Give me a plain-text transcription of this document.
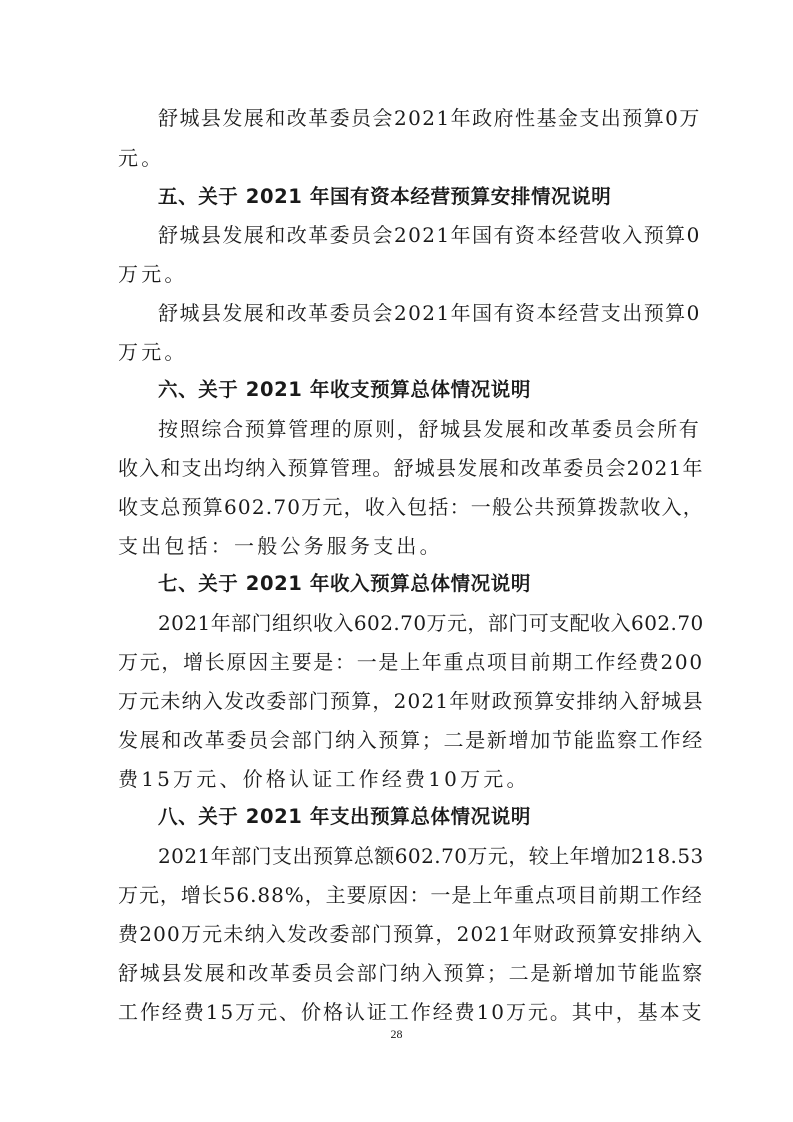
舒城县发展和改革委员会2021年政府性基金支出预算0万
元。
五、关于 2021 年国有资本经营预算安排情况说明
舒城县发展和改革委员会2021年国有资本经营收入预算0
万元。
舒城县发展和改革委员会2021年国有资本经营支出预算0
万元。
六、关于 2021 年收支预算总体情况说明
按照综合预算管理的原则，舒城县发展和改革委员会所有
收入和支出均纳入预算管理。舒城县发展和改革委员会2021年
收支总预算602.70万元，收入包括：一般公共预算拨款收入，
支出包括：一般公务服务支出。
七、关于 2021 年收入预算总体情况说明
2021年部门组织收入602.70万元，部门可支配收入602.70
万元，增长原因主要是：一是上年重点项目前期工作经费200
万元未纳入发改委部门预算，2021年财政预算安排纳入舒城县
发展和改革委员会部门纳入预算；二是新增加节能监察工作经
费15万元、价格认证工作经费10万元。
八、关于 2021 年支出预算总体情况说明
2021年部门支出预算总额602.70万元，较上年增加218.53
万元，增长56.88%，主要原因：一是上年重点项目前期工作经
费200万元未纳入发改委部门预算，2021年财政预算安排纳入
舒城县发展和改革委员会部门纳入预算；二是新增加节能监察
工作经费15万元、价格认证工作经费10万元。其中，基本支
28
